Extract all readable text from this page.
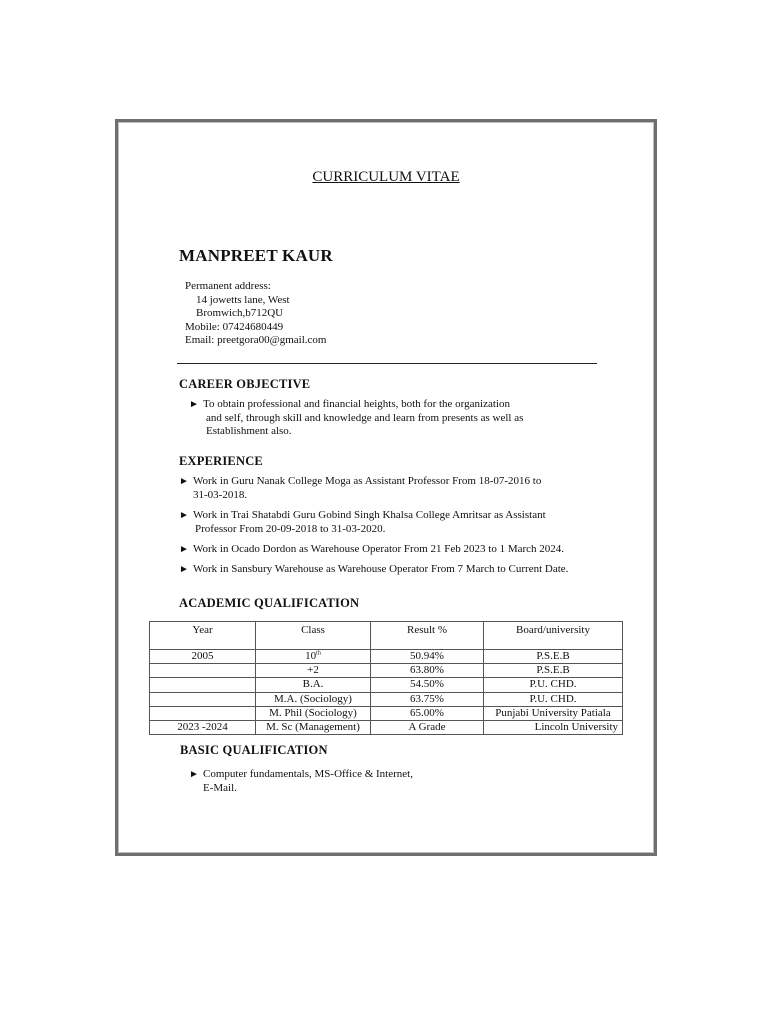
CURRICULUM VITAE

MANPREET KAUR

Permanent address:
14 jowetts lane, West
Bromwich,b712QU
Mobile: 07424680449
Email: preetgora00@gmail.com

CAREER OBJECTIVE

► To obtain professional and financial heights, both for the organization
and self, through skill and knowledge and learn from presents as well as
Establishment also.

EXPERIENCE

► Work in Guru Nanak College Moga as Assistant Professor From 18-07-2016 to
31-03-2018.
► Work in Trai Shatabdi Guru Gobind Singh Khalsa College Amritsar as Assistant
Professor From 20-09-2018 to 31-03-2020.
► Work in Ocado Dordon as Warehouse Operator From 21 Feb 2023 to 1 March 2024.
► Work in Sansbury Warehouse as Warehouse Operator From 7 March to Current Date.

ACADEMIC QUALIFICATION

Year	Class	Result %	Board/university
2005	10th	50.94%	P.S.E.B
	+2	63.80%	P.S.E.B
	B.A.	54.50%	P.U. CHD.
	M.A. (Sociology)	63.75%	P.U. CHD.
	M. Phil (Sociology)	65.00%	Punjabi University Patiala
2023 -2024	M. Sc (Management)	A Grade	Lincoln University

BASIC QUALIFICATION

► Computer fundamentals, MS-Office & Internet,
E-Mail.
